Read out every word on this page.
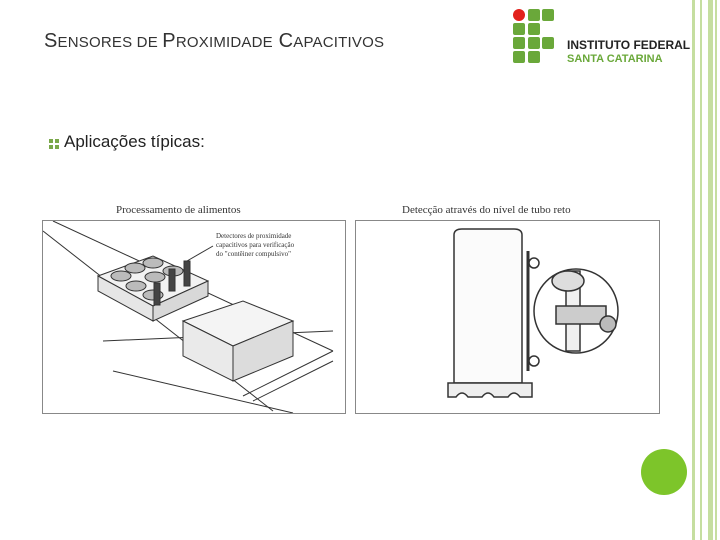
SENSORES DE PROXIMIDADE CAPACITIVOS	INSTITUTO FEDERAL
SANTA CATARINA
Aplicações típicas:
Processamento de alimentos
Detectores de proximidade
capacitivos para verificação
do "contêiner compulsivo"
Detecção através do nível de tubo reto
